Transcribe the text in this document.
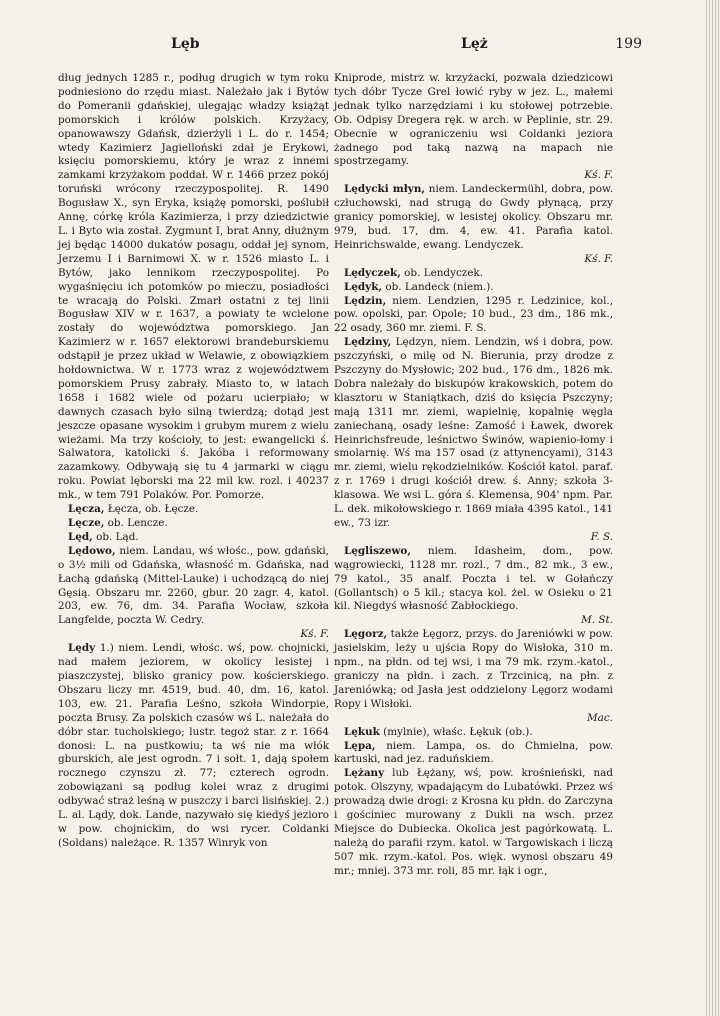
Lęb	Lęż	199

dług jednych 1285 r., podług drugich w tym roku podniesiono do rzędu miast. Należało jak i Bytów do Pomeranii gdańskiej, ulegając władzy książąt pomorskich i królów polskich. Krzyżacy, opanowawszy Gdańsk, dzierżyli i L. do r. 1454; wtedy Kazimierz Jagielloński zdał je Erykowi, księciu pomorskiemu, który je wraz z innemi zamkami krzyżakom poddał. W r. 1466 przez pokój toruński wrócony rzeczypospolitej. R. 1490 Bogusław X., syn Eryka, książę pomorski, poślubił Annę, córkę króla Kazimierza, i przy dziedzictwie L. i Byto wia został. Zygmunt I, brat Anny, dłużnym jej będąc 14000 dukatów posagu, oddał jej synom, Jerzemu I i Barnimowi X. w r. 1526 miasto L. i Bytów, jako lennikom rzeczypospolitej. Po wygaśnięciu ich potomków po mieczu, posiadłości te wracają do Polski. Zmarł ostatni z tej linii Bogusław XIV w r. 1637, a powiaty te wcielone zostały do województwa pomorskiego. Jan Kazimierz w r. 1657 elektorowi brandeburskiemu odstąpił je przez układ w Welawie, z obowiązkiem hołdownictwa. W r. 1773 wraz z województwem pomorskiem Prusy zabrały. Miasto to, w latach 1658 i 1682 wiele od pożaru ucierpiało; w dawnych czasach było silną twierdzą; dotąd jest jeszcze opasane wysokim i grubym murem z wielu wieżami. Ma trzy kościoły, to jest: ewangelicki ś. Salwatora, katolicki ś. Jakóba i reformowany zazamkowy. Odbywają się tu 4 jarmarki w ciągu roku. Powiat lęborski ma 22 mil kw. rozl. i 40237 mk., w tem 791 Polaków. Por. Pomorze.

Lęcza, Łęcza, ob. Łęcze.

Lęcze, ob. Lencze.

Lęd, ob. Ląd.

Lędowo, niem. Landau, wś włośc., pow. gdański, o 3½ mili od Gdańska, własność m. Gdańska, nad Łachą gdańską (Mittel-Lauke) i uchodzącą do niej Gęsią. Obszaru mr. 2260, gbur. 20 zagr. 4, katol. 203, ew. 76, dm. 34. Parafia Wocław, szkoła Langfelde, poczta W. Cedry.
Kś. F.

Lędy 1.) niem. Lendi, włośc. wś, pow. chojnicki, nad małem jeziorem, w okolicy lesistej i piaszczystej, blisko granicy pow. kościerskiego. Obszaru liczy mr. 4519, bud. 40, dm. 16, katol. 103, ew. 21. Parafia Leśno, szkoła Windorpie, poczta Brusy. Za polskich czasów wś L. należała do dóbr star. tucholskiego; lustr. tegoż star. z r. 1664 donosi: L. na pustkowiu; ta wś nie ma włók gburskich, ale jest ogrodn. 7 i sołt. 1, dają społem rocznego czynszu zł. 77; czterech ogrodn. zobowiązani są podług kolei wraz z drugimi odbywać straż leśną w puszczy i barci lisińskiej. 2.) L. al. Lądy, dok. Lande, nazywało się kiedyś jezioro w pow. chojnickim, do wsi rycer. Coldanki (Soldans) należące. R. 1357 Winryk von

Kniprode, mistrz w. krzyżacki, pozwala dziedzicowi tych dóbr Tycze Grel łowić ryby w jez. L., małemi jednak tylko narzędziami i ku stołowej potrzebie. Ob. Odpisy Dregera ręk. w arch. w Peplinie, str. 29. Obecnie w ograniczeniu wsi Coldanki jeziora żadnego pod taką nazwą na mapach nie spostrzegamy.
Kś. F.

Lędycki młyn, niem. Landeckermühl, dobra, pow. człuchowski, nad strugą do Gwdy płynącą, przy granicy pomorskiej, w lesistej okolicy. Obszaru mr. 979, bud. 17, dm. 4, ew. 41. Parafia katol. Heinrichswalde, ewang. Lendyczek.
Kś. F.

Lędyczek, ob. Lendyczek.

Lędyk, ob. Landeck (niem.).

Lędzin, niem. Lendzien, 1295 r. Ledzinice, kol., pow. opolski, par. Opole; 10 bud., 23 dm., 186 mk., 22 osady, 360 mr. ziemi. F. S.

Lędziny, Lędzyn, niem. Lendzin, wś i dobra, pow. pszczyński, o milę od N. Bierunia, przy drodze z Pszczyny do Mysłowic; 202 bud., 176 dm., 1826 mk. Dobra należały do biskupów krakowskich, potem do klasztoru w Staniątkach, dziś do księcia Pszczyny; mają 1311 mr. ziemi, wapielnię, kopalnię węgla zaniechaną, osady leśne: Zamość i Ławek, dworek Heinrichsfreude, leśnictwo Świnów, wapienio-łomy i smolarnię. Wś ma 157 osad (z attynencyami), 3143 mr. ziemi, wielu rękodzielników. Kościół katol. paraf. z r. 1769 i drugi kościół drew. ś. Anny; szkoła 3-klasowa. We wsi L. góra ś. Klemensa, 904' npm. Par. L. dek. mikołowskiego r. 1869 miała 4395 katol., 141 ew., 73 izr.
F. S.

Lęgliszewo, niem. Idasheim, dom., pow. wągrowiecki, 1128 mr. rozl., 7 dm., 82 mk., 3 ew., 79 katol., 35 analf. Poczta i tel. w Gołańczy (Gollantsch) o 5 kil.; stacya kol. żel. w Osieku o 21 kil. Niegdyś własność Zabłockiego.
M. St.

Lęgorz, także Łęgorz, przys. do Jareniówki w pow. jasielskim, leży u ujścia Ropy do Wisłoka, 310 m. npm., na płdn. od tej wsi, i ma 79 mk. rzym.-katol., graniczy na płdn. i zach. z Trzcinicą, na płn. z Jareniówką; od Jasła jest oddzielony Lęgorz wodami Ropy i Wisłoki.
Mac.

Lękuk (mylnie), właśc. Łękuk (ob.).

Lępa, niem. Lampa, os. do Chmielna, pow. kartuski, nad jez. raduńskiem.

Lężany lub Łężany, wś, pow. krośnieński, nad potok. Olszyny, wpadającym do Lubatówki. Przez wś prowadzą dwie drogi: z Krosna ku płdn. do Zarczyna i gościniec murowany z Dukli na wsch. przez Miejsce do Dubiecka. Okolica jest pagórkowatą. L. należą do parafii rzym. katol. w Targowiskach i liczą 507 mk. rzym.-katol. Pos. więk. wynosi obszaru 49 mr.; mniej. 373 mr. roli, 85 mr. łąk i ogr.,
